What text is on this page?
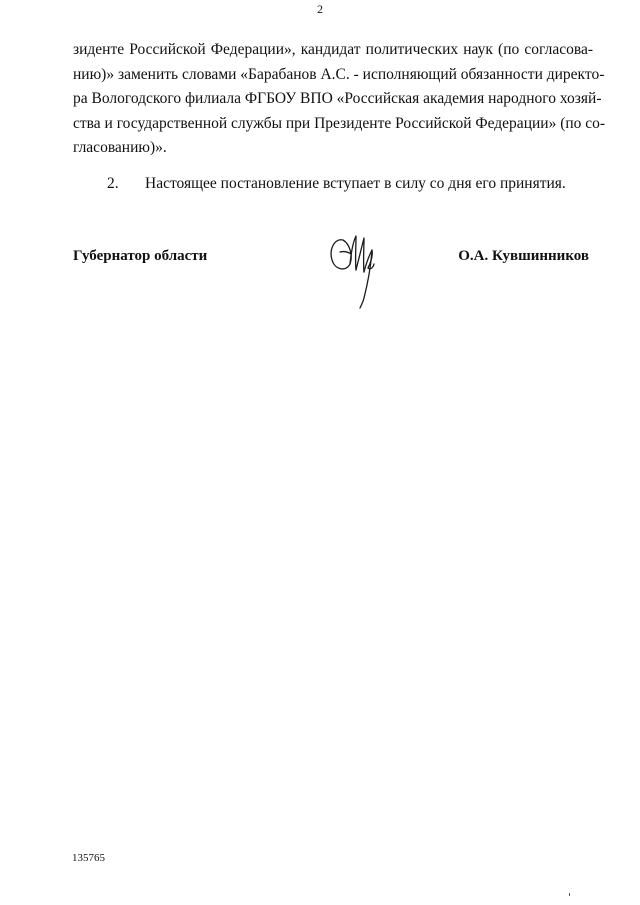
2
зиденте Российской Федерации», кандидат политических наук (по согласова-
нию)» заменить словами «Барабанов А.С. - исполняющий обязанности директо-
ра Вологодского филиала ФГБОУ ВПО «Российская академия народного хозяй-
ства и государственной службы при Президенте Российской Федерации» (по со-
гласованию)».
2. Настоящее постановление вступает в силу со дня его принятия.
Губернатор области	О.А. Кувшинников
135765
